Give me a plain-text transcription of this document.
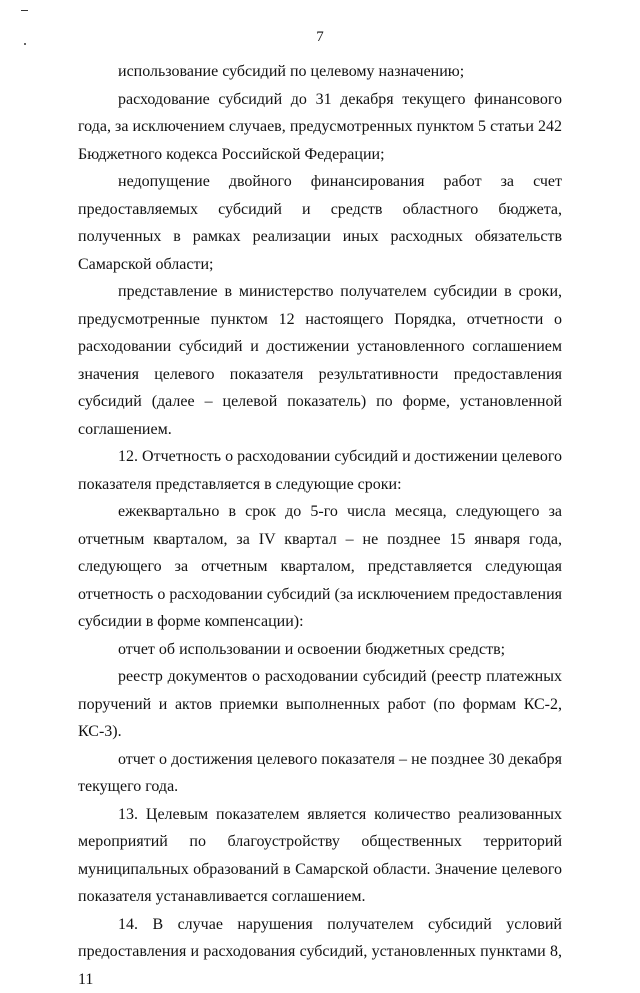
7

использование субсидий по целевому назначению;

расходование субсидий до 31 декабря текущего финансового года, за исключением случаев, предусмотренных пунктом 5 статьи 242 Бюджетного кодекса Российской Федерации;

недопущение двойного финансирования работ за счет предоставляемых субсидий и средств областного бюджета, полученных в рамках реализации иных расходных обязательств Самарской области;

представление в министерство получателем субсидии в сроки, предусмотренные пунктом 12 настоящего Порядка, отчетности о расходовании субсидий и достижении установленного соглашением значения целевого показателя результативности предоставления субсидий (далее – целевой показатель) по форме, установленной соглашением.

12. Отчетность о расходовании субсидий и достижении целевого показателя представляется в следующие сроки:

ежеквартально в срок до 5-го числа месяца, следующего за отчетным кварталом, за IV квартал – не позднее 15 января года, следующего за отчетным кварталом, представляется следующая отчетность о расходовании субсидий (за исключением предоставления субсидии в форме компенсации):

отчет об использовании и освоении бюджетных средств;

реестр документов о расходовании субсидий (реестр платежных поручений и актов приемки выполненных работ (по формам КС-2, КС-3).

отчет о достижения целевого показателя – не позднее 30 декабря текущего года.

13. Целевым показателем является количество реализованных мероприятий по благоустройству общественных территорий муниципальных образований в Самарской области. Значение целевого показателя устанавливается соглашением.

14. В случае нарушения получателем субсидий условий предоставления и расходования субсидий, установленных пунктами 8, 11
